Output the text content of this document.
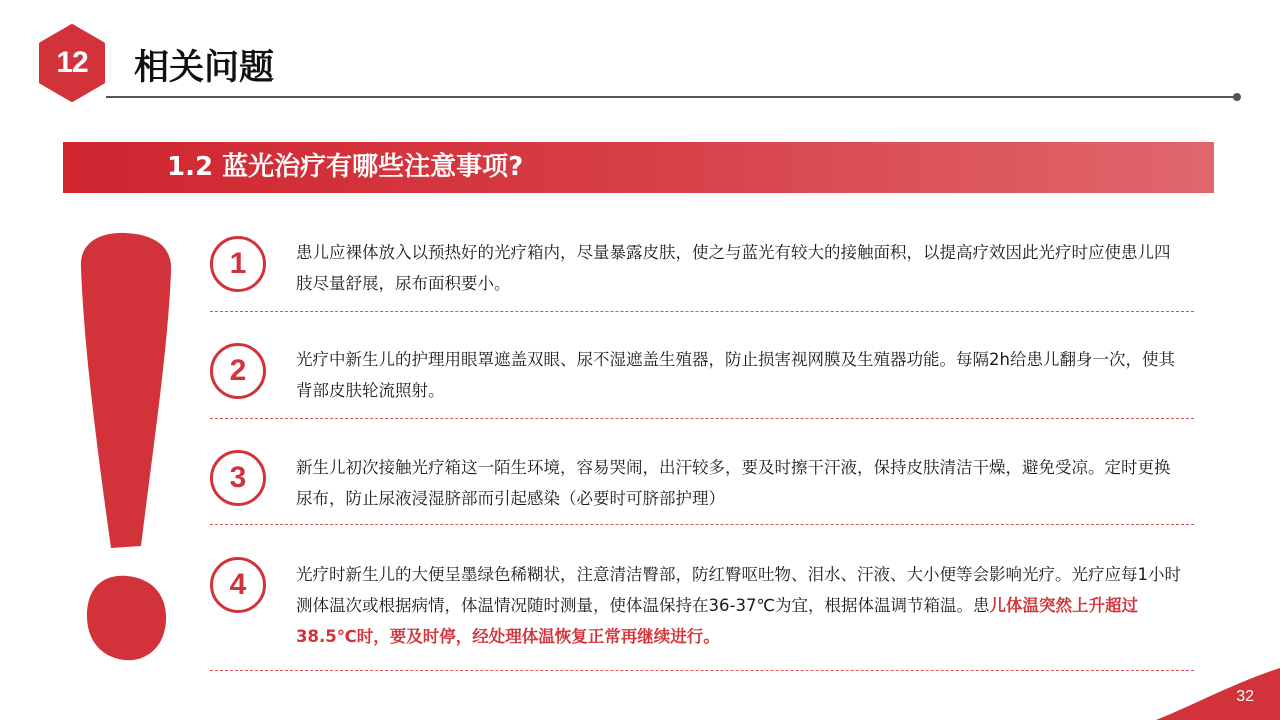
12	相关问题
1.2 蓝光治疗有哪些注意事项?
1	患儿应裸体放入以预热好的光疗箱内，尽量暴露皮肤，使之与蓝光有较大的接触面积，以提高疗效因此光疗时应使患儿四肢尽量舒展，尿布面积要小。
2	光疗中新生儿的护理用眼罩遮盖双眼、尿不湿遮盖生殖器，防止损害视网膜及生殖器功能。每隔2h给患儿翻身一次，使其背部皮肤轮流照射。
3	新生儿初次接触光疗箱这一陌生环境，容易哭闹，出汗较多，要及时擦干汗液，保持皮肤清洁干燥，避免受凉。定时更换尿布，防止尿液浸湿脐部而引起感染（必要时可脐部护理）
4	光疗时新生儿的大便呈墨绿色稀糊状，注意清洁臀部，防红臀呕吐物、泪水、汗液、大小便等会影响光疗。光疗应每1小时测体温次或根据病情，体温情况随时测量，使体温保持在36-37℃为宜，根据体温调节箱温。患儿体温突然上升超过38.5℃时，要及时停，经处理体温恢复正常再继续进行。
32
